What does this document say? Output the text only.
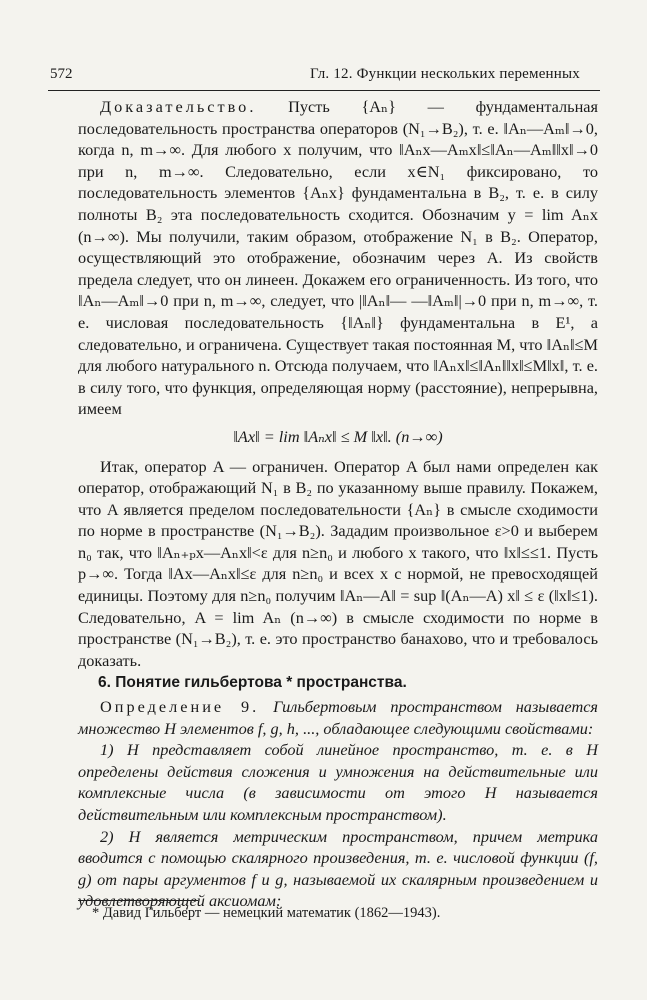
572	Гл. 12. Функции нескольких переменных

Доказательство. Пусть {Aₙ} — фундаментальная последовательность пространства операторов (N₁→B₂), т. е. ‖Aₙ—Aₘ‖→0, когда n, m→∞. Для любого x получим, что ‖Aₙx—Aₘx‖≤‖Aₙ—Aₘ‖‖x‖→0 при n, m→∞. Следовательно, если x∈N₁ фиксировано, то последовательность элементов {Aₙx} фундаментальна в B₂, т. е. в силу полноты B₂ эта последовательность сходится. Обозначим y = lim Aₙx (n→∞). Мы получили, таким образом, отображение N₁ в B₂. Оператор, осуществляющий это отображение, обозначим через A. Из свойств предела следует, что он линеен. Докажем его ограниченность. Из того, что ‖Aₙ—Aₘ‖→0 при n, m→∞, следует, что |‖Aₙ‖— —‖Aₘ‖|→0 при n, m→∞, т. е. числовая последовательность {‖Aₙ‖} фундаментальна в E¹, а следовательно, и ограничена. Существует такая постоянная M, что ‖Aₙ‖≤M для любого натурального n. Отсюда получаем, что ‖Aₙx‖≤‖Aₙ‖‖x‖≤M‖x‖, т. е. в силу того, что функция, определяющая норму (расстояние), непрерывна, имеем

‖Ax‖ = lim ‖Aₙx‖ ≤ M ‖x‖. (n→∞)

Итак, оператор A — ограничен. Оператор A был нами определен как оператор, отображающий N₁ в B₂ по указанному выше правилу. Покажем, что A является пределом последовательности {Aₙ} в смысле сходимости по норме в пространстве (N₁→B₂). Зададим произвольное ε>0 и выберем n₀ так, что ‖Aₙ₊ₚx—Aₙx‖<ε для n≥n₀ и любого x такого, что ‖x‖≤≤1. Пусть p→∞. Тогда ‖Ax—Aₙx‖≤ε для n≥n₀ и всех x с нормой, не превосходящей единицы. Поэтому для n≥n₀ получим ‖Aₙ—A‖ = sup ‖(Aₙ—A) x‖ ≤ ε (‖x‖≤1). Следовательно, A = lim Aₙ (n→∞) в смысле сходимости по норме в пространстве (N₁→B₂), т. е. это пространство банахово, что и требовалось доказать.

6. Понятие гильбертова * пространства.

Определение 9. Гильбертовым пространством называется множество H элементов f, g, h, ..., обладающее следующими свойствами:

1) H представляет собой линейное пространство, т. е. в H определены действия сложения и умножения на действительные или комплексные числа (в зависимости от этого H называется действительным или комплексным пространством).

2) H является метрическим пространством, причем метрика вводится с помощью скалярного произведения, т. е. числовой функции (f, g) от пары аргументов f и g, называемой их скалярным произведением и удовлетворяющей аксиомам:

* Давид Гильберт — немецкий математик (1862—1943).
